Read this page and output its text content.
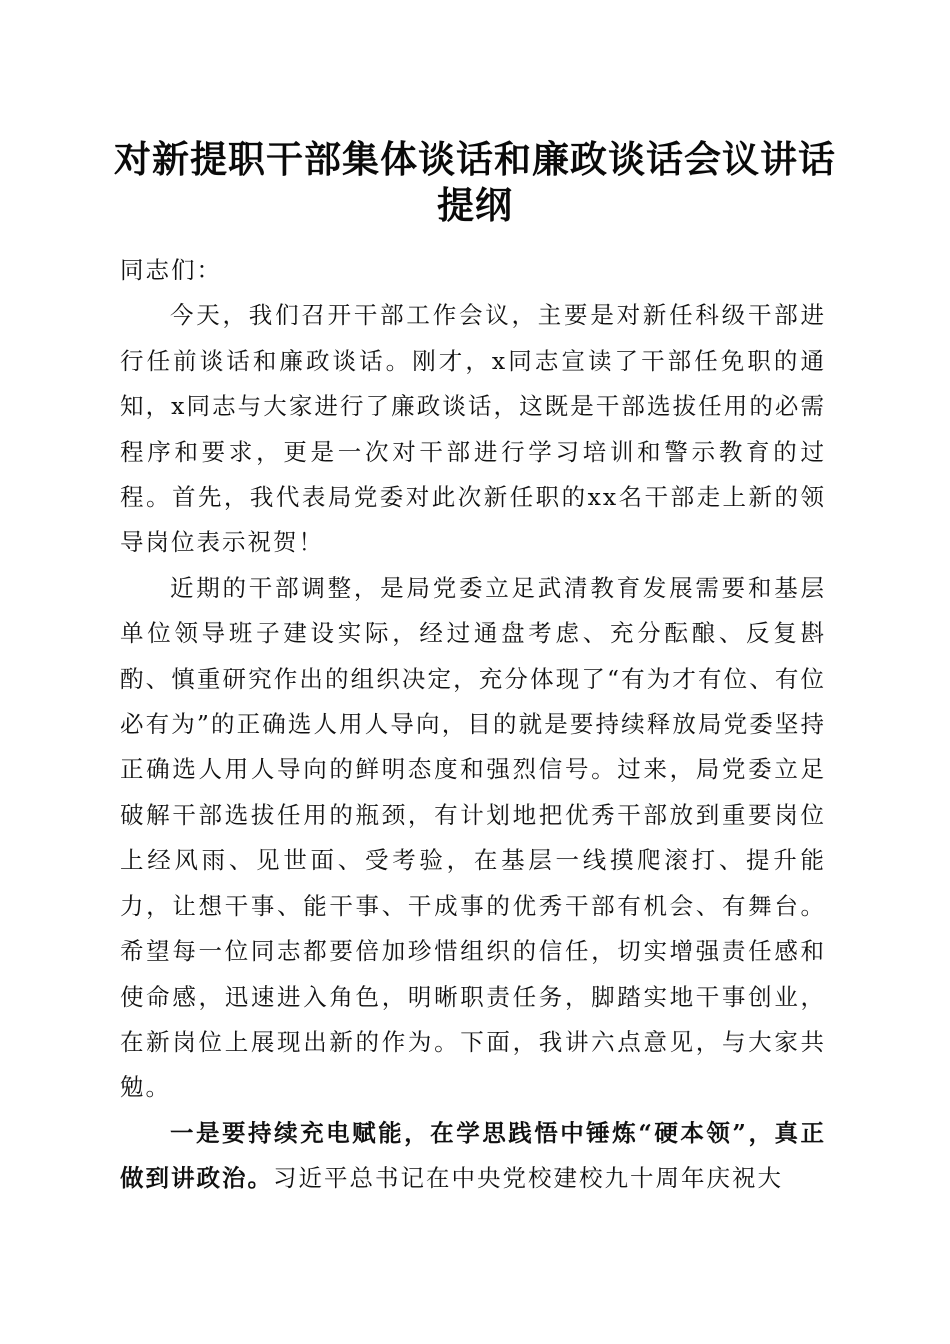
对新提职干部集体谈话和廉政谈话会议讲话提纲

同志们：

今天，我们召开干部工作会议，主要是对新任科级干部进行任前谈话和廉政谈话。刚才，x同志宣读了干部任免职的通知，x同志与大家进行了廉政谈话，这既是干部选拔任用的必需程序和要求，更是一次对干部进行学习培训和警示教育的过程。首先，我代表局党委对此次新任职的xx名干部走上新的领导岗位表示祝贺！

近期的干部调整，是局党委立足武清教育发展需要和基层单位领导班子建设实际，经过通盘考虑、充分酝酿、反复斟酌、慎重研究作出的组织决定，充分体现了“有为才有位、有位必有为”的正确选人用人导向，目的就是要持续释放局党委坚持正确选人用人导向的鲜明态度和强烈信号。过来，局党委立足破解干部选拔任用的瓶颈，有计划地把优秀干部放到重要岗位上经风雨、见世面、受考验，在基层一线摸爬滚打、提升能力，让想干事、能干事、干成事的优秀干部有机会、有舞台。希望每一位同志都要倍加珍惜组织的信任，切实增强责任感和使命感，迅速进入角色，明晰职责任务，脚踏实地干事创业，在新岗位上展现出新的作为。下面，我讲六点意见，与大家共勉。

一是要持续充电赋能，在学思践悟中锤炼“硬本领”，真正做到讲政治。习近平总书记在中央党校建校九十周年庆祝大
